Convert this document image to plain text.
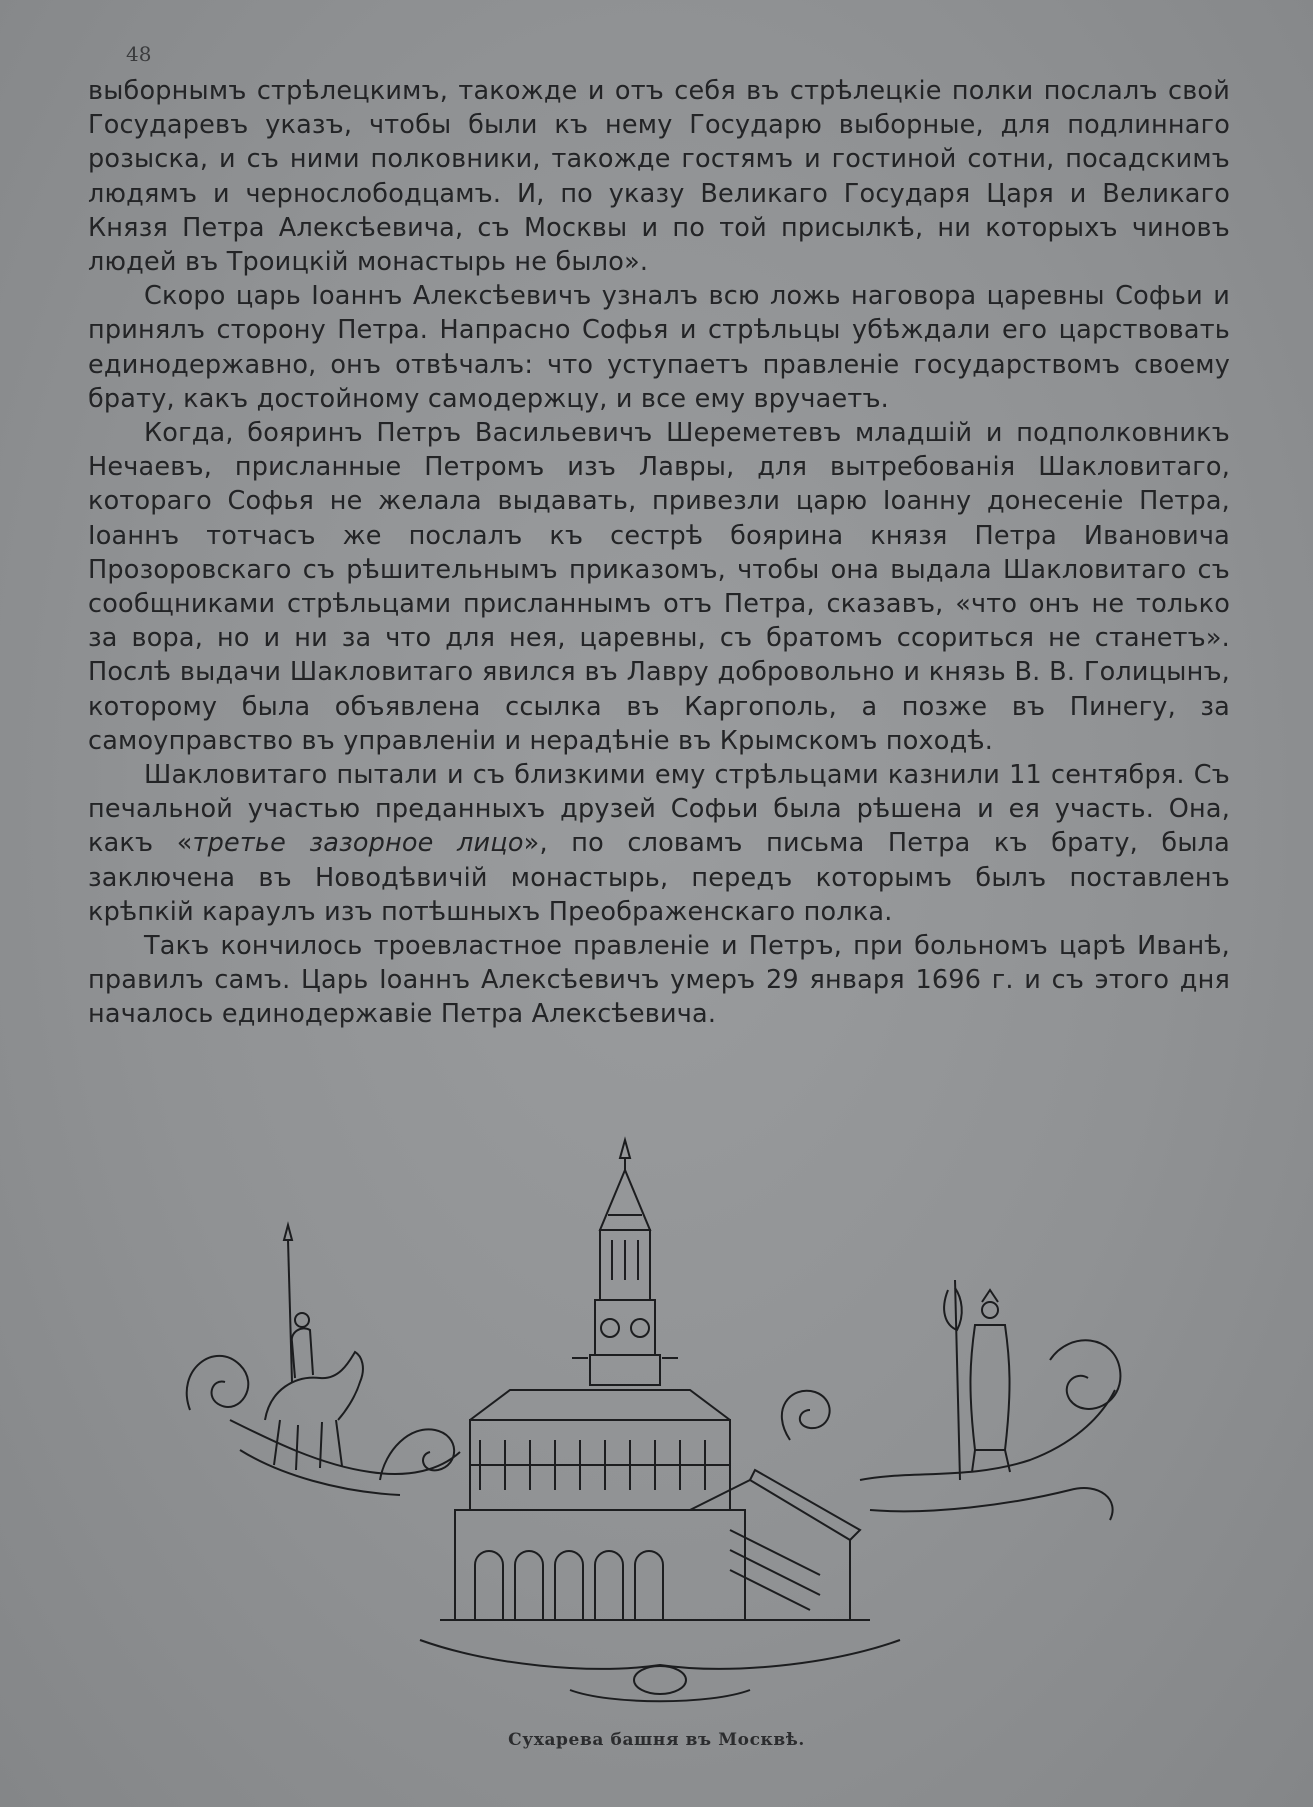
48

выборнымъ стрѣлецкимъ, такожде и отъ себя въ стрѣлецкіе полки послалъ свой Государевъ указъ, чтобы были къ нему Государю выборные, для подлиннаго розыска, и съ ними полковники, такожде гостямъ и гостиной сотни, посадскимъ людямъ и чернослободцамъ. И, по указу Великаго Государя Царя и Великаго Князя Петра Алексѣевича, съ Москвы и по той присылкѣ, ни которыхъ чиновъ людей въ Троицкій монастырь не было».

Скоро царь Іоаннъ Алексѣевичъ узналъ всю ложь наговора царевны Софьи и принялъ сторону Петра. Напрасно Софья и стрѣльцы убѣждали его царствовать единодержавно, онъ отвѣчалъ: что уступаетъ правленіе государствомъ своему брату, какъ достойному самодержцу, и все ему вручаетъ.

Когда, бояринъ Петръ Васильевичъ Шереметевъ младшій и подполковникъ Нечаевъ, присланные Петромъ изъ Лавры, для вытребованія Шакловитаго, котораго Софья не желала выдавать, привезли царю Іоанну донесеніе Петра, Іоаннъ тотчасъ же послалъ къ сестрѣ боярина князя Петра Ивановича Прозоровскаго съ рѣшительнымъ приказомъ, чтобы она выдала Шакловитаго съ сообщниками стрѣльцами присланнымъ отъ Петра, сказавъ, «что онъ не только за вора, но и ни за что для нея, царевны, съ братомъ ссориться не станетъ». Послѣ выдачи Шакловитаго явился въ Лавру добровольно и князь В. В. Голицынъ, которому была объявлена ссылка въ Каргополь, а позже въ Пинегу, за самоуправство въ управленіи и нерадѣніе въ Крымскомъ походѣ.

Шакловитаго пытали и съ близкими ему стрѣльцами казнили 11 сентября. Съ печальной участью преданныхъ друзей Софьи была рѣшена и ея участь. Она, какъ «третье зазорное лицо», по словамъ письма Петра къ брату, была заключена въ Новодѣвичій монастырь, передъ которымъ былъ поставленъ крѣпкій караулъ изъ потѣшныхъ Преображенскаго полка.

Такъ кончилось троевластное правленіе и Петръ, при больномъ царѣ Иванѣ, правилъ самъ. Царь Іоаннъ Алексѣевичъ умеръ 29 января 1696 г. и съ этого дня началось единодержавіе Петра Алексѣевича.

Сухарева башня въ Москвѣ.
